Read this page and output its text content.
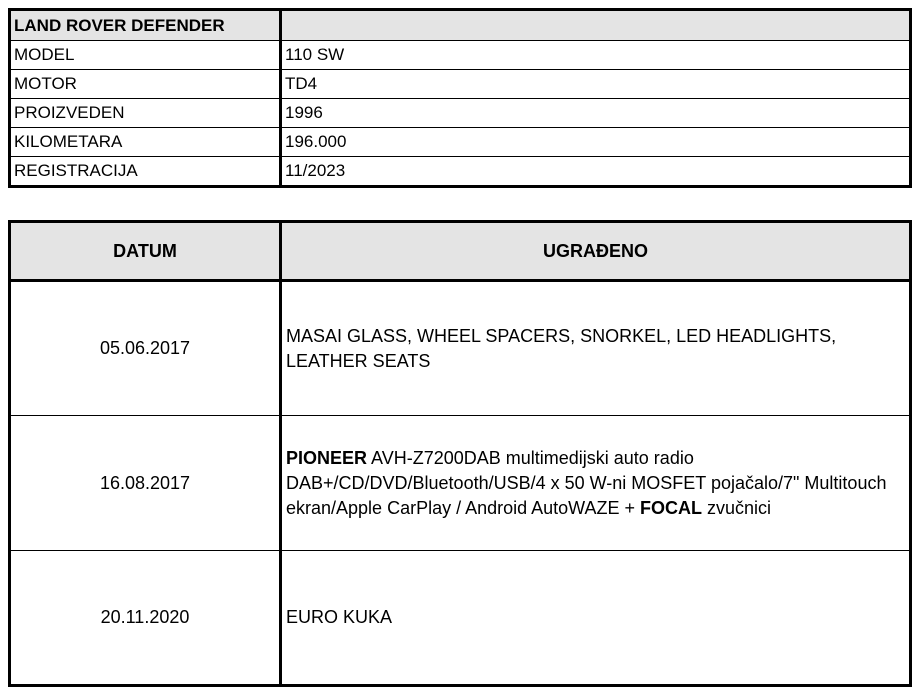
LAND ROVER DEFENDER	
MODEL	110 SW
MOTOR	TD4
PROIZVEDEN	1996
KILOMETARA	196.000
REGISTRACIJA	11/2023
DATUM	UGRAĐENO
05.06.2017	MASAI GLASS, WHEEL SPACERS, SNORKEL, LED HEADLIGHTS, LEATHER SEATS
16.08.2017	PIONEER AVH-Z7200DAB multimedijski auto radio DAB+/CD/DVD/Bluetooth/USB/4 x 50 W-ni MOSFET pojačalo/7" Multitouch ekran/Apple CarPlay / Android AutoWAZE + FOCAL zvučnici
20.11.2020	EURO KUKA
